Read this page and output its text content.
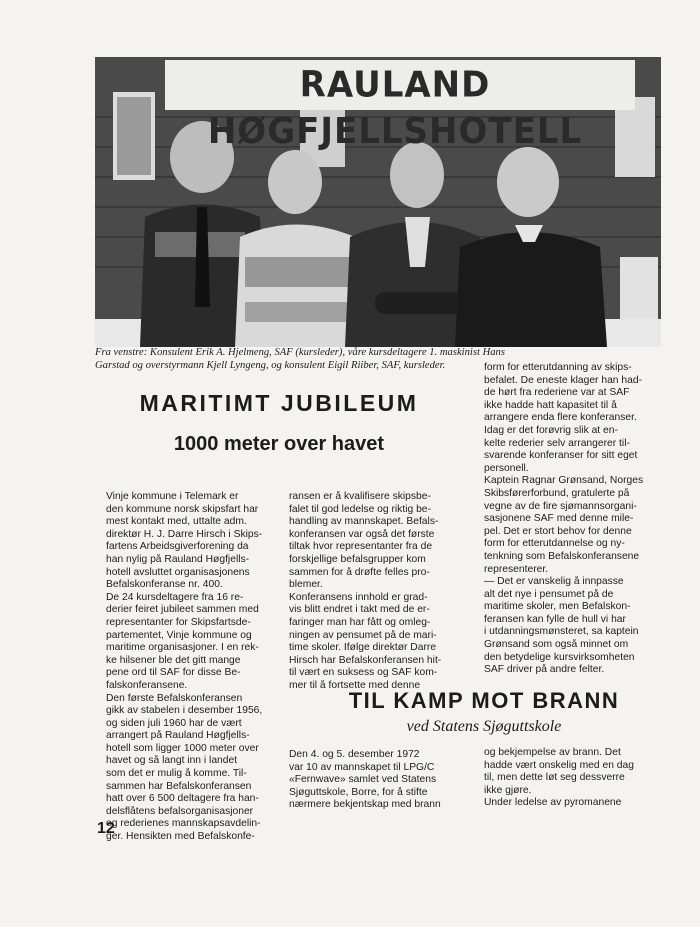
RAULAND HØGFJELLSHOTELL
Fra venstre: Konsulent Erik A. Hjelmeng, SAF (kursleder), våre kursdeltagere 1. maskinist Hans
Garstad og overstyrmann Kjell Lyngeng, og konsulent Eigil Riiber, SAF, kursleder.
MARITIMT JUBILEUM
1000 meter over havet
Vinje kommune i Telemark er
den kommune norsk skipsfart har
mest kontakt med, uttalte adm.
direktør H. J. Darre Hirsch i Skips-
fartens Arbeidsgiverforening da
han nylig på Rauland Høgfjells-
hotell avsluttet organisasjonens
Befalskonferanse nr. 400.
De 24 kursdeltagere fra 16 re-
derier feiret jubileet sammen med
representanter for Skipsfartsde-
partementet, Vinje kommune og
maritime organisasjoner. I en rek-
ke hilsener ble det gitt mange
pene ord til SAF for disse Be-
falskonferansene.
Den første Befalskonferansen
gikk av stabelen i desember 1956,
og siden juli 1960 har de vært
arrangert på Rauland Høgfjells-
hotell som ligger 1000 meter over
havet og så langt inn i landet
som det er mulig å komme. Til-
sammen har Befalskonferansen
hatt over 6 500 deltagere fra han-
delsflåtens befalsorganisasjoner
og rederienes mannskapsavdelin-
ger. Hensikten med Befalskonfe-
ransen er å kvalifisere skipsbe-
falet til god ledelse og riktig be-
handling av mannskapet. Befals-
konferansen var også det første
tiltak hvor representanter fra de
forskjellige befalsgrupper kom
sammen for å drøfte felles pro-
blemer.
Konferansens innhold er grad-
vis blitt endret i takt med de er-
faringer man har fått og omleg-
ningen av pensumet på de mari-
time skoler. Ifølge direktør Darre
Hirsch har Befalskonferansen hit-
til vært en suksess og SAF kom-
mer til å fortsette med denne
form for etterutdanning av skips-
befalet. De eneste klager han had-
de hørt fra rederiene var at SAF
ikke hadde hatt kapasitet til å
arrangere enda flere konferanser.
Idag er det forøvrig slik at en-
kelte rederier selv arrangerer til-
svarende konferanser for sitt eget
personell.
Kaptein Ragnar Grønsand, Norges
Skibsførerforbund, gratulerte på
vegne av de fire sjømannsorgani-
sasjonene SAF med denne mile-
pel. Det er stort behov for denne
form for etterutdannelse og ny-
tenkning som Befalskonferansene
representerer.
— Det er vanskelig å innpasse
alt det nye i pensumet på de
maritime skoler, men Befalskon-
feransen kan fylle de hull vi har
i utdanningsmønsteret, sa kaptein
Grønsand som også minnet om
den betydelige kursvirksomheten
SAF driver på andre felter.
TIL KAMP MOT BRANN
ved Statens Sjøguttskole
Den 4. og 5. desember 1972
var 10 av mannskapet til LPG/C
«Fernwave» samlet ved Statens
Sjøguttskole, Borre, for å stifte
nærmere bekjentskap med brann
og bekjempelse av brann. Det
hadde vært onskelig med en dag
til, men dette løt seg dessverre
ikke gjøre.
Under ledelse av pyromanene
12
